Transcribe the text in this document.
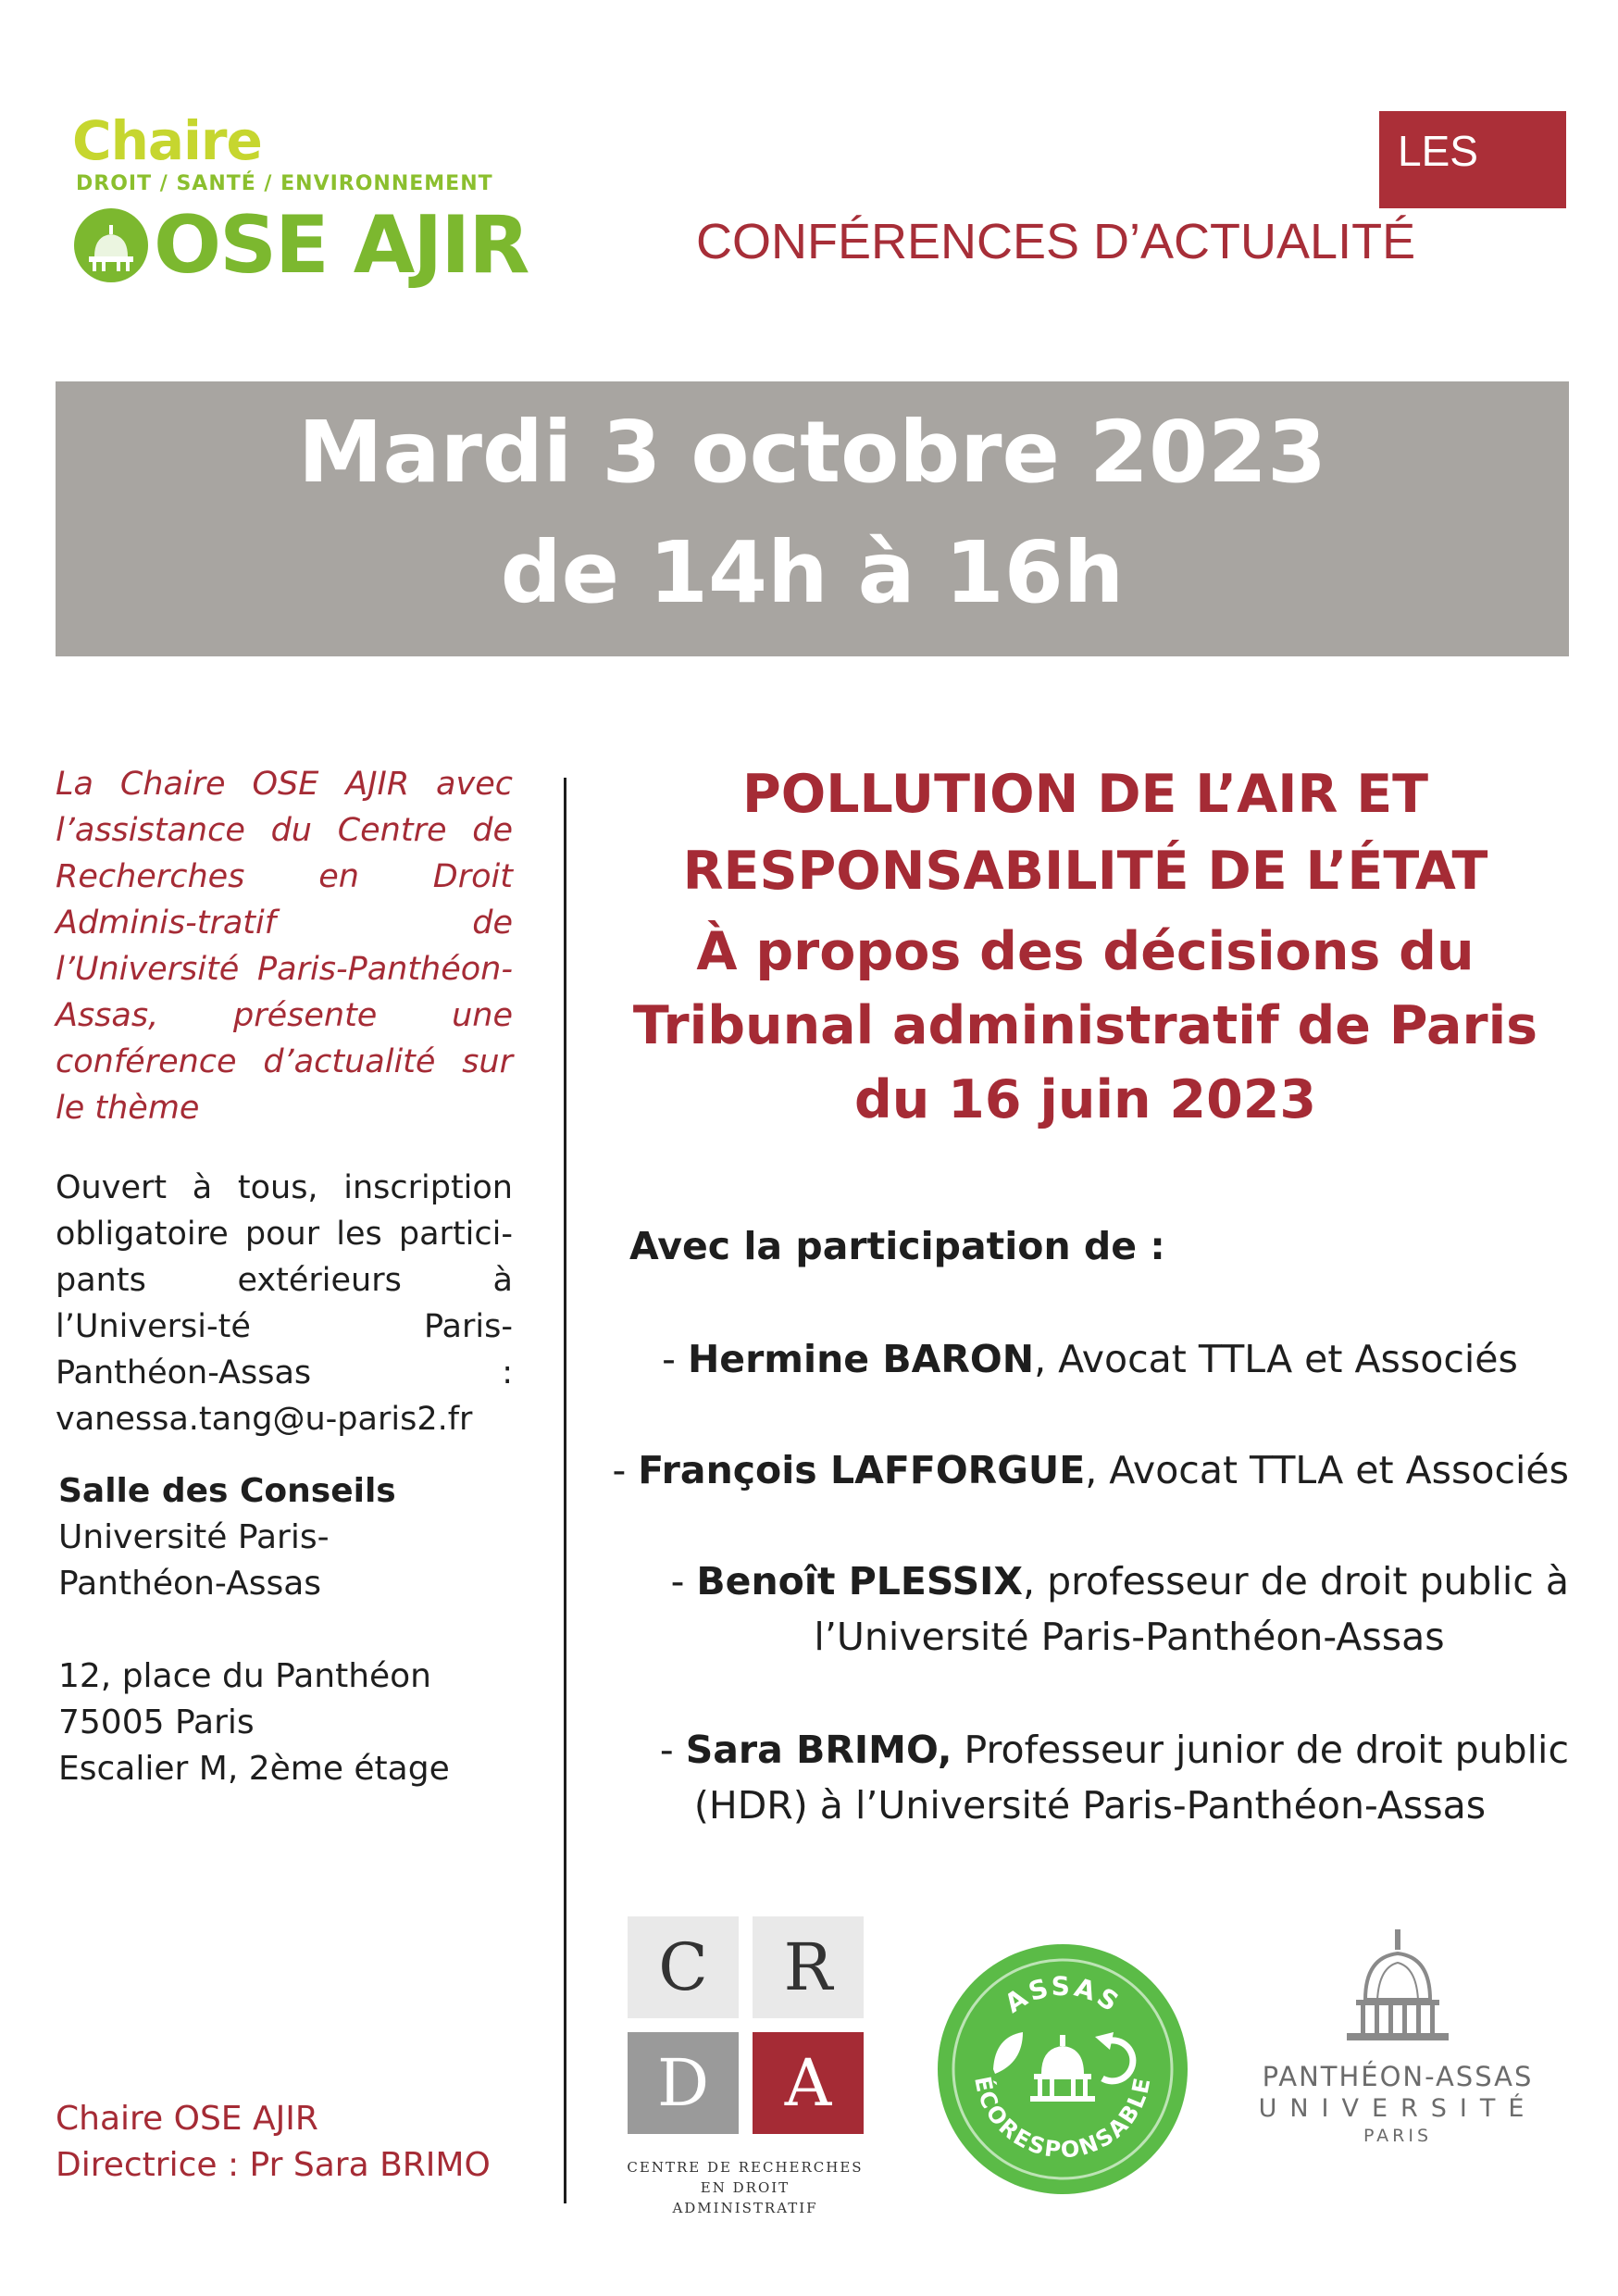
Chaire
DROIT / SANTÉ / ENVIRONNEMENT
OSE AJIR
LES
CONFÉRENCES D’ACTUALITÉ
Mardi 3 octobre 2023
de 14h à 16h
La Chaire OSE AJIR avec l’assistance du Centre de Recherches en Droit Adminis-tratif de l’Université Paris-Panthéon-Assas, présente une conférence d’actualité sur le thème
Ouvert à tous, inscription obligatoire pour les partici-pants extérieurs à l’Universi-té Paris-Panthéon-Assas : vanessa.tang@u-paris2.fr
Salle des Conseils
Université Paris-
Panthéon-Assas
12, place du Panthéon
75005 Paris
Escalier M, 2ème étage
Chaire OSE AJIR
Directrice : Pr Sara BRIMO
POLLUTION DE L’AIR ET
RESPONSABILITÉ DE L’ÉTAT
À propos des décisions du
Tribunal administratif de Paris
du 16 juin 2023
Avec la participation de :
- Hermine BARON, Avocat TTLA et Associés
- François LAFFORGUE, Avocat TTLA et Associés
- Benoît PLESSIX, professeur de droit public à
l’Université Paris-Panthéon-Assas
- Sara BRIMO, Professeur junior de droit public
(HDR) à l’Université Paris-Panthéon-Assas
C	R
D	A
CENTRE DE RECHERCHES
EN DROIT ADMINISTRATIF
ASSAS
ÉCORESPONSABLE	PANTHÉON-ASSAS
UNIVERSITÉ
PARIS
